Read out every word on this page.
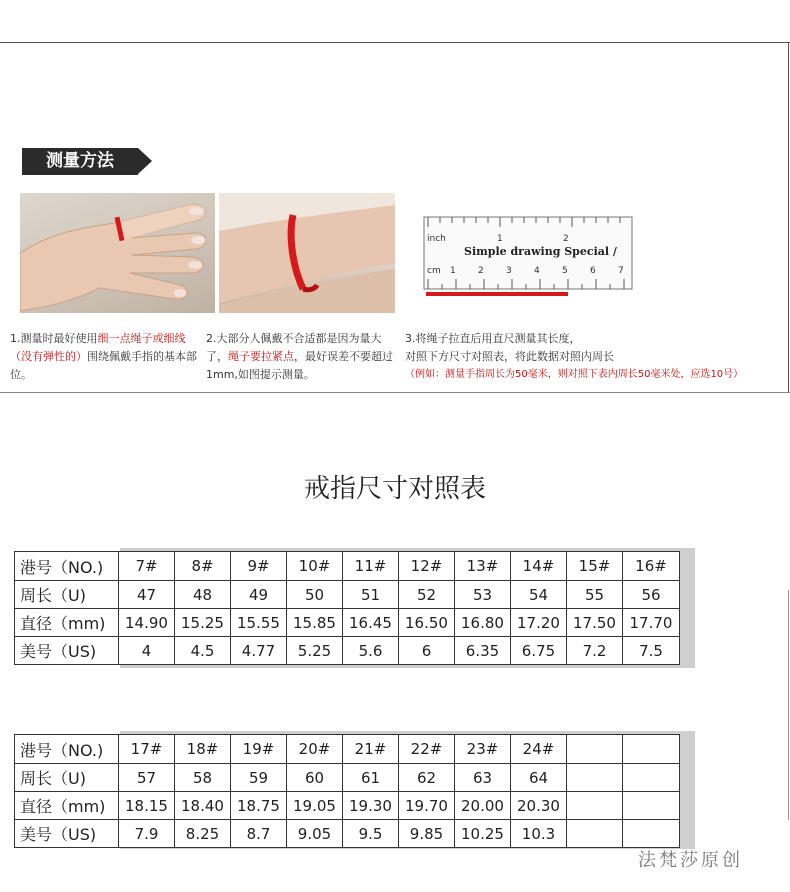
测量方法
inch	1	2
Simple drawing Special /
cm 1 2 3 4 5 6 7
1.测量时最好使用细一点绳子或细线（没有弹性的）围绕佩戴手指的基本部位。
2.大部分人佩戴不合适都是因为量大了，绳子要拉紧点，最好误差不要超过1mm,如图提示测量。
3.将绳子拉直后用直尺测量其长度，
对照下方尺寸对照表，将此数据对照内周长
（例如：测量手指周长为50毫米，则对照下表内周长50毫米处，应选10号）
戒指尺寸对照表
港号（NO.)	7#	8#	9#	10#	11#	12#	13#	14#	15#	16#
周长（U)	47	48	49	50	51	52	53	54	55	56
直径（mm)	14.90	15.25	15.55	15.85	16.45	16.50	16.80	17.20	17.50	17.70
美号（US)	4	4.5	4.77	5.25	5.6	6	6.35	6.75	7.2	7.5
港号（NO.)	17#	18#	19#	20#	21#	22#	23#	24#		
周长（U)	57	58	59	60	61	62	63	64		
直径（mm)	18.15	18.40	18.75	19.05	19.30	19.70	20.00	20.30		
美号（US)	7.9	8.25	8.7	9.05	9.5	9.85	10.25	10.3		
法梵莎原创
